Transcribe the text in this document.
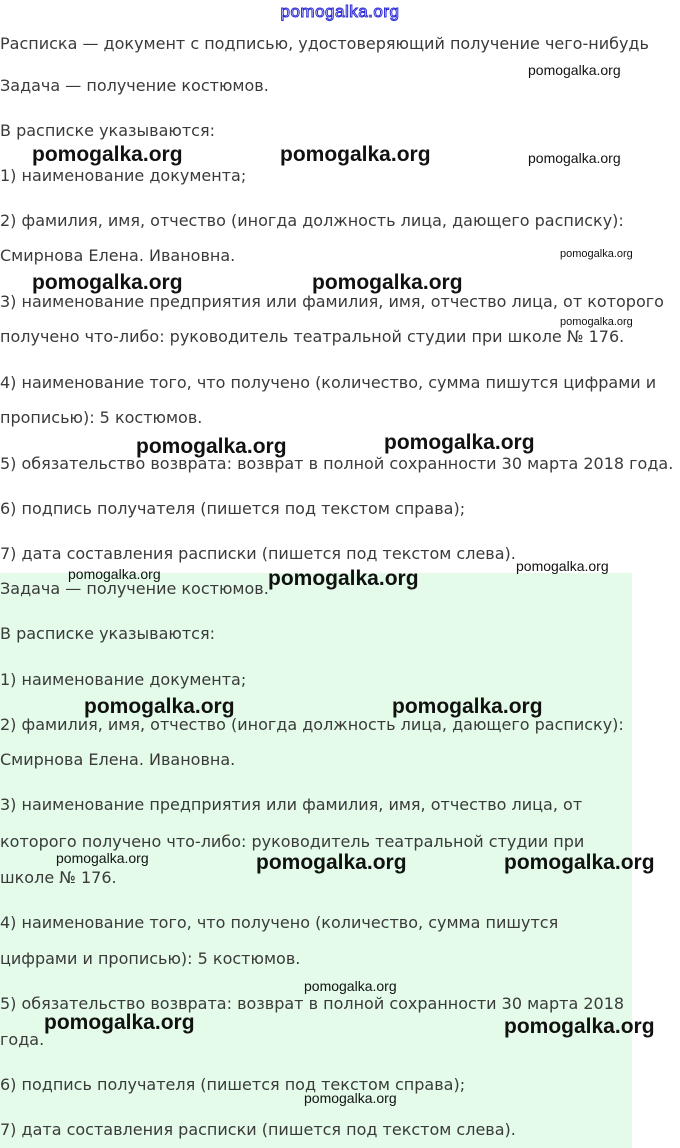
pomogalka.org

Расписка — документ с подписью, удостоверяющий получение чего-нибудь

Задача — получение костюмов.

В расписке указываются:

1) наименование документа;

2) фамилия, имя, отчество (иногда должность лица, дающего расписку):

Смирнова Елена. Ивановна.

3) наименование предприятия или фамилия, имя, отчество лица, от которого

получено что-либо: руководитель театральной студии при школе № 176.

4) наименование того, что получено (количество, сумма пишутся цифрами и

прописью): 5 костюмов.

5) обязательство возврата: возврат в полной сохранности 30 марта 2018 года.

6) подпись получателя (пишется под текстом справа);

7) дата составления расписки (пишется под текстом слева).

Задача — получение костюмов.

В расписке указываются:

1) наименование документа;

2) фамилия, имя, отчество (иногда должность лица, дающего расписку):

Смирнова Елена. Ивановна.

3) наименование предприятия или фамилия, имя, отчество лица, от

которого получено что-либо: руководитель театральной студии при

школе № 176.

4) наименование того, что получено (количество, сумма пишутся

цифрами и прописью): 5 костюмов.

5) обязательство возврата: возврат в полной сохранности 30 марта 2018

года.

6) подпись получателя (пишется под текстом справа);

7) дата составления расписки (пишется под текстом слева).

pomogalka.org
pomogalka.org	pomogalka.org	pomogalka.org
pomogalka.org
pomogalka.org	pomogalka.org
pomogalka.org
pomogalka.org	pomogalka.org
pomogalka.org
pomogalka.org	pomogalka.org
pomogalka.org	pomogalka.org
pomogalka.org	pomogalka.org	pomogalka.org
pomogalka.org
pomogalka.org	pomogalka.org
pomogalka.org
